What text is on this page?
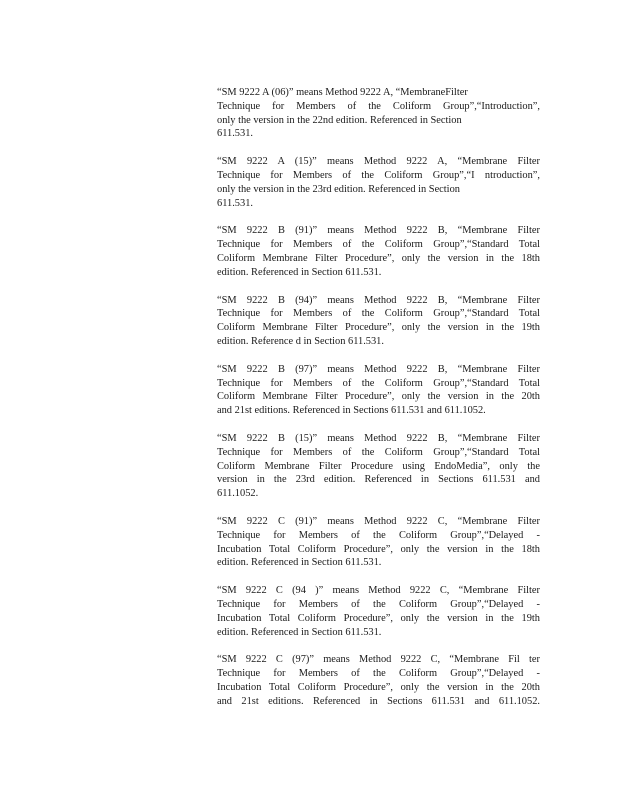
“SM 9222 A (06)” means Method 9222 A, “MembraneFilter
Technique for Members of the Coliform Group”,“Introduction”,
only the version in the 22nd edition. Referenced in Section
611.531.
“SM 9222 A (15)” means Method 9222 A, “Membrane Filter
Technique for Members of the Coliform Group”,“I ntroduction”,
only the version in the 23rd edition. Referenced in Section
611.531.
“SM 9222 B (91)” means Method 9222 B, “Membrane Filter
Technique for Members of the Coliform Group”,“Standard Total
Coliform Membrane Filter Procedure”, only the version in the 18th
edition. Referenced in Section 611.531.
“SM 9222 B (94)” means Method 9222 B, “Membrane Filter
Technique for Members of the Coliform Group”,“Standard Total
Coliform Membrane Filter Procedure”, only the version in the 19th
edition. Reference d in Section 611.531.
“SM 9222 B (97)” means Method 9222 B, “Membrane Filter
Technique for Members of the Coliform Group”,“Standard Total
Coliform Membrane Filter Procedure”, only the version in the 20th
and 21st editions. Referenced in Sections 611.531 and 611.1052.
“SM 9222 B (15)” means Method 9222 B, “Membrane Filter
Technique for Members of the Coliform Group”,“Standard Total
Coliform Membrane Filter Procedure using EndoMedia”, only the
version in the 23rd edition. Referenced in Sections 611.531 and
611.1052.
“SM 9222 C (91)” means Method 9222 C, “Membrane Filter
Technique for Members of the Coliform Group”,“Delayed -
Incubation Total Coliform Procedure”, only the version in the 18th
edition. Referenced in Section 611.531.
“SM 9222 C (94 )” means Method 9222 C, “Membrane Filter
Technique for Members of the Coliform Group”,“Delayed -
Incubation Total Coliform Procedure”, only the version in the 19th
edition. Referenced in Section 611.531.
“SM 9222 C (97)” means Method 9222 C, “Membrane Fil ter
Technique for Members of the Coliform Group”,“Delayed -
Incubation Total Coliform Procedure”, only the version in the 20th
and 21st editions. Referenced in Sections 611.531 and 611.1052.
